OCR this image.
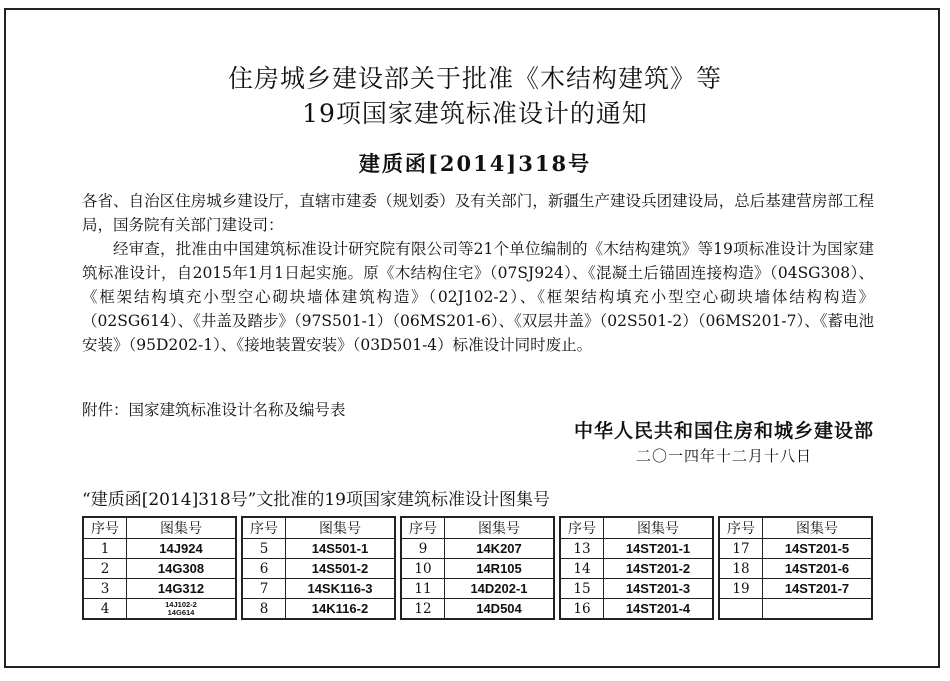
住房城乡建设部关于批准《木结构建筑》等
19项国家建筑标准设计的通知
建质函[2014]318号
各省、自治区住房城乡建设厅，直辖市建委（规划委）及有关部门，新疆生产建设兵团建设局，总后基建营房部工程局，国务院有关部门建设司：
经审查，批准由中国建筑标准设计研究院有限公司等21个单位编制的《木结构建筑》等19项标准设计为国家建筑标准设计，自2015年1月1日起实施。原《木结构住宅》（07SJ924）、《混凝土后锚固连接构造》（04SG308）、《框架结构填充小型空心砌块墙体建筑构造》（02J102-2）、《框架结构填充小型空心砌块墙体结构构造》（02SG614）、《井盖及踏步》（97S501-1）（06MS201-6）、《双层井盖》（02S501-2）（06MS201-7）、《蓄电池安装》（95D202-1）、《接地装置安装》（03D501-4）标准设计同时废止。
附件：国家建筑标准设计名称及编号表
中华人民共和国住房和城乡建设部
二〇一四年十二月十八日
“建质函[2014]318号”文批准的19项国家建筑标准设计图集号
序号	图集号
1	14J924
2	14G308
3	14G312
4	14J102-2
14G614
序号	图集号
5	14S501-1
6	14S501-2
7	14SK116-3
8	14K116-2
序号	图集号
9	14K207
10	14R105
11	14D202-1
12	14D504
序号	图集号
13	14ST201-1
14	14ST201-2
15	14ST201-3
16	14ST201-4
序号	图集号
17	14ST201-5
18	14ST201-6
19	14ST201-7
